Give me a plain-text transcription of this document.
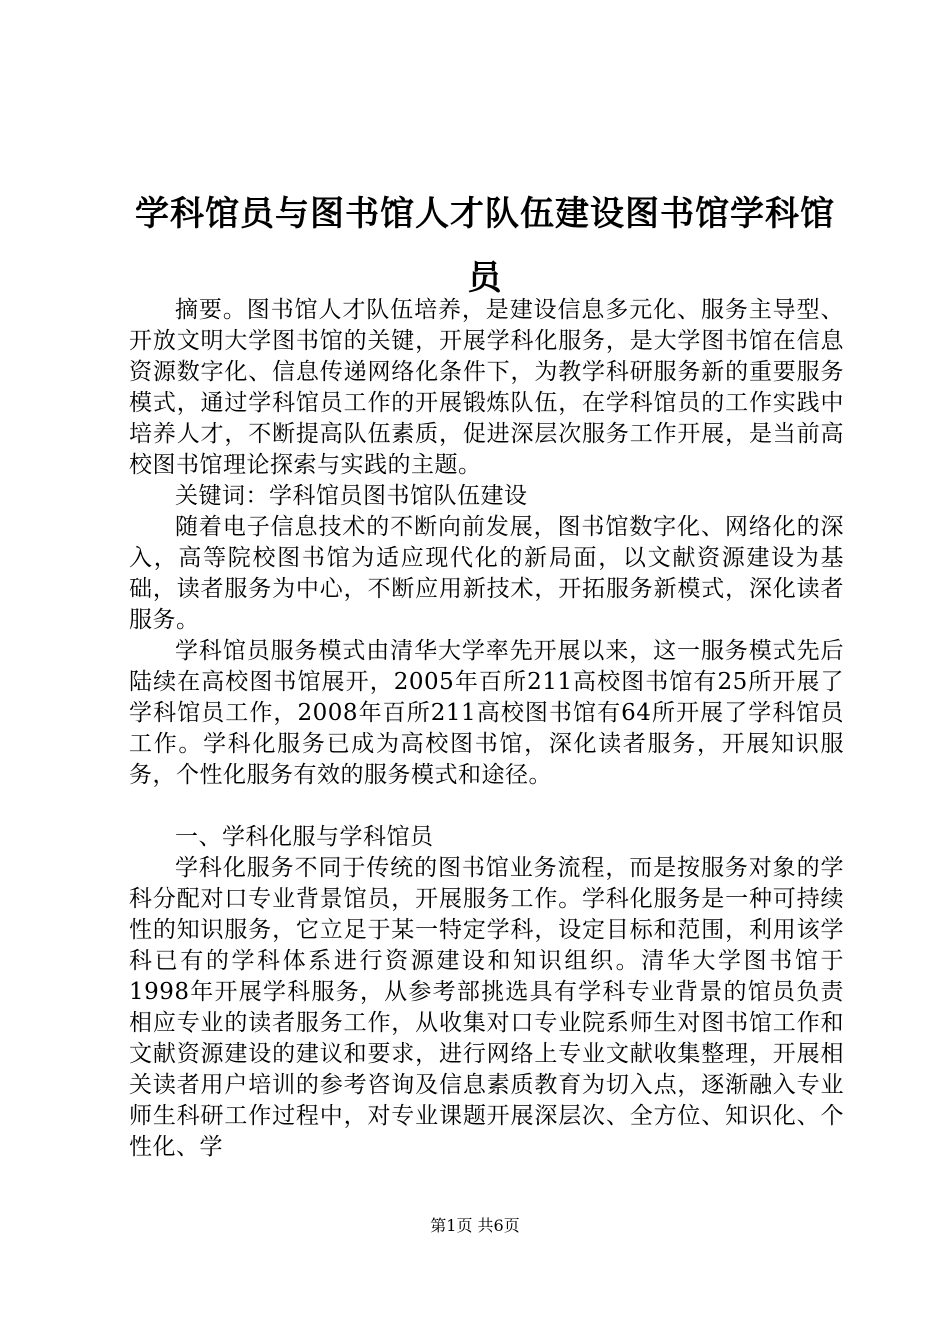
学科馆员与图书馆人才队伍建设图书馆学科馆员

摘要。图书馆人才队伍培养，是建设信息多元化、服务主导型、开放文明大学图书馆的关键，开展学科化服务，是大学图书馆在信息资源数字化、信息传递网络化条件下，为教学科研服务新的重要服务模式，通过学科馆员工作的开展锻炼队伍，在学科馆员的工作实践中培养人才，不断提高队伍素质，促进深层次服务工作开展，是当前高校图书馆理论探索与实践的主题。

关键词：学科馆员图书馆队伍建设

随着电子信息技术的不断向前发展，图书馆数字化、网络化的深入，高等院校图书馆为适应现代化的新局面，以文献资源建设为基础，读者服务为中心，不断应用新技术，开拓服务新模式，深化读者服务。

学科馆员服务模式由清华大学率先开展以来，这一服务模式先后陆续在高校图书馆展开，2005年百所211高校图书馆有25所开展了学科馆员工作，2008年百所211高校图书馆有64所开展了学科馆员工作。学科化服务已成为高校图书馆，深化读者服务，开展知识服务，个性化服务有效的服务模式和途径。

一、学科化服与学科馆员

学科化服务不同于传统的图书馆业务流程，而是按服务对象的学科分配对口专业背景馆员，开展服务工作。学科化服务是一种可持续性的知识服务，它立足于某一特定学科，设定目标和范围，利用该学科已有的学科体系进行资源建设和知识组织。清华大学图书馆于1998年开展学科服务，从参考部挑选具有学科专业背景的馆员负责相应专业的读者服务工作，从收集对口专业院系师生对图书馆工作和文献资源建设的建议和要求，进行网络上专业文献收集整理，开展相关读者用户培训的参考咨询及信息素质教育为切入点，逐渐融入专业师生科研工作过程中，对专业课题开展深层次、全方位、知识化、个性化、学

第1页 共6页
